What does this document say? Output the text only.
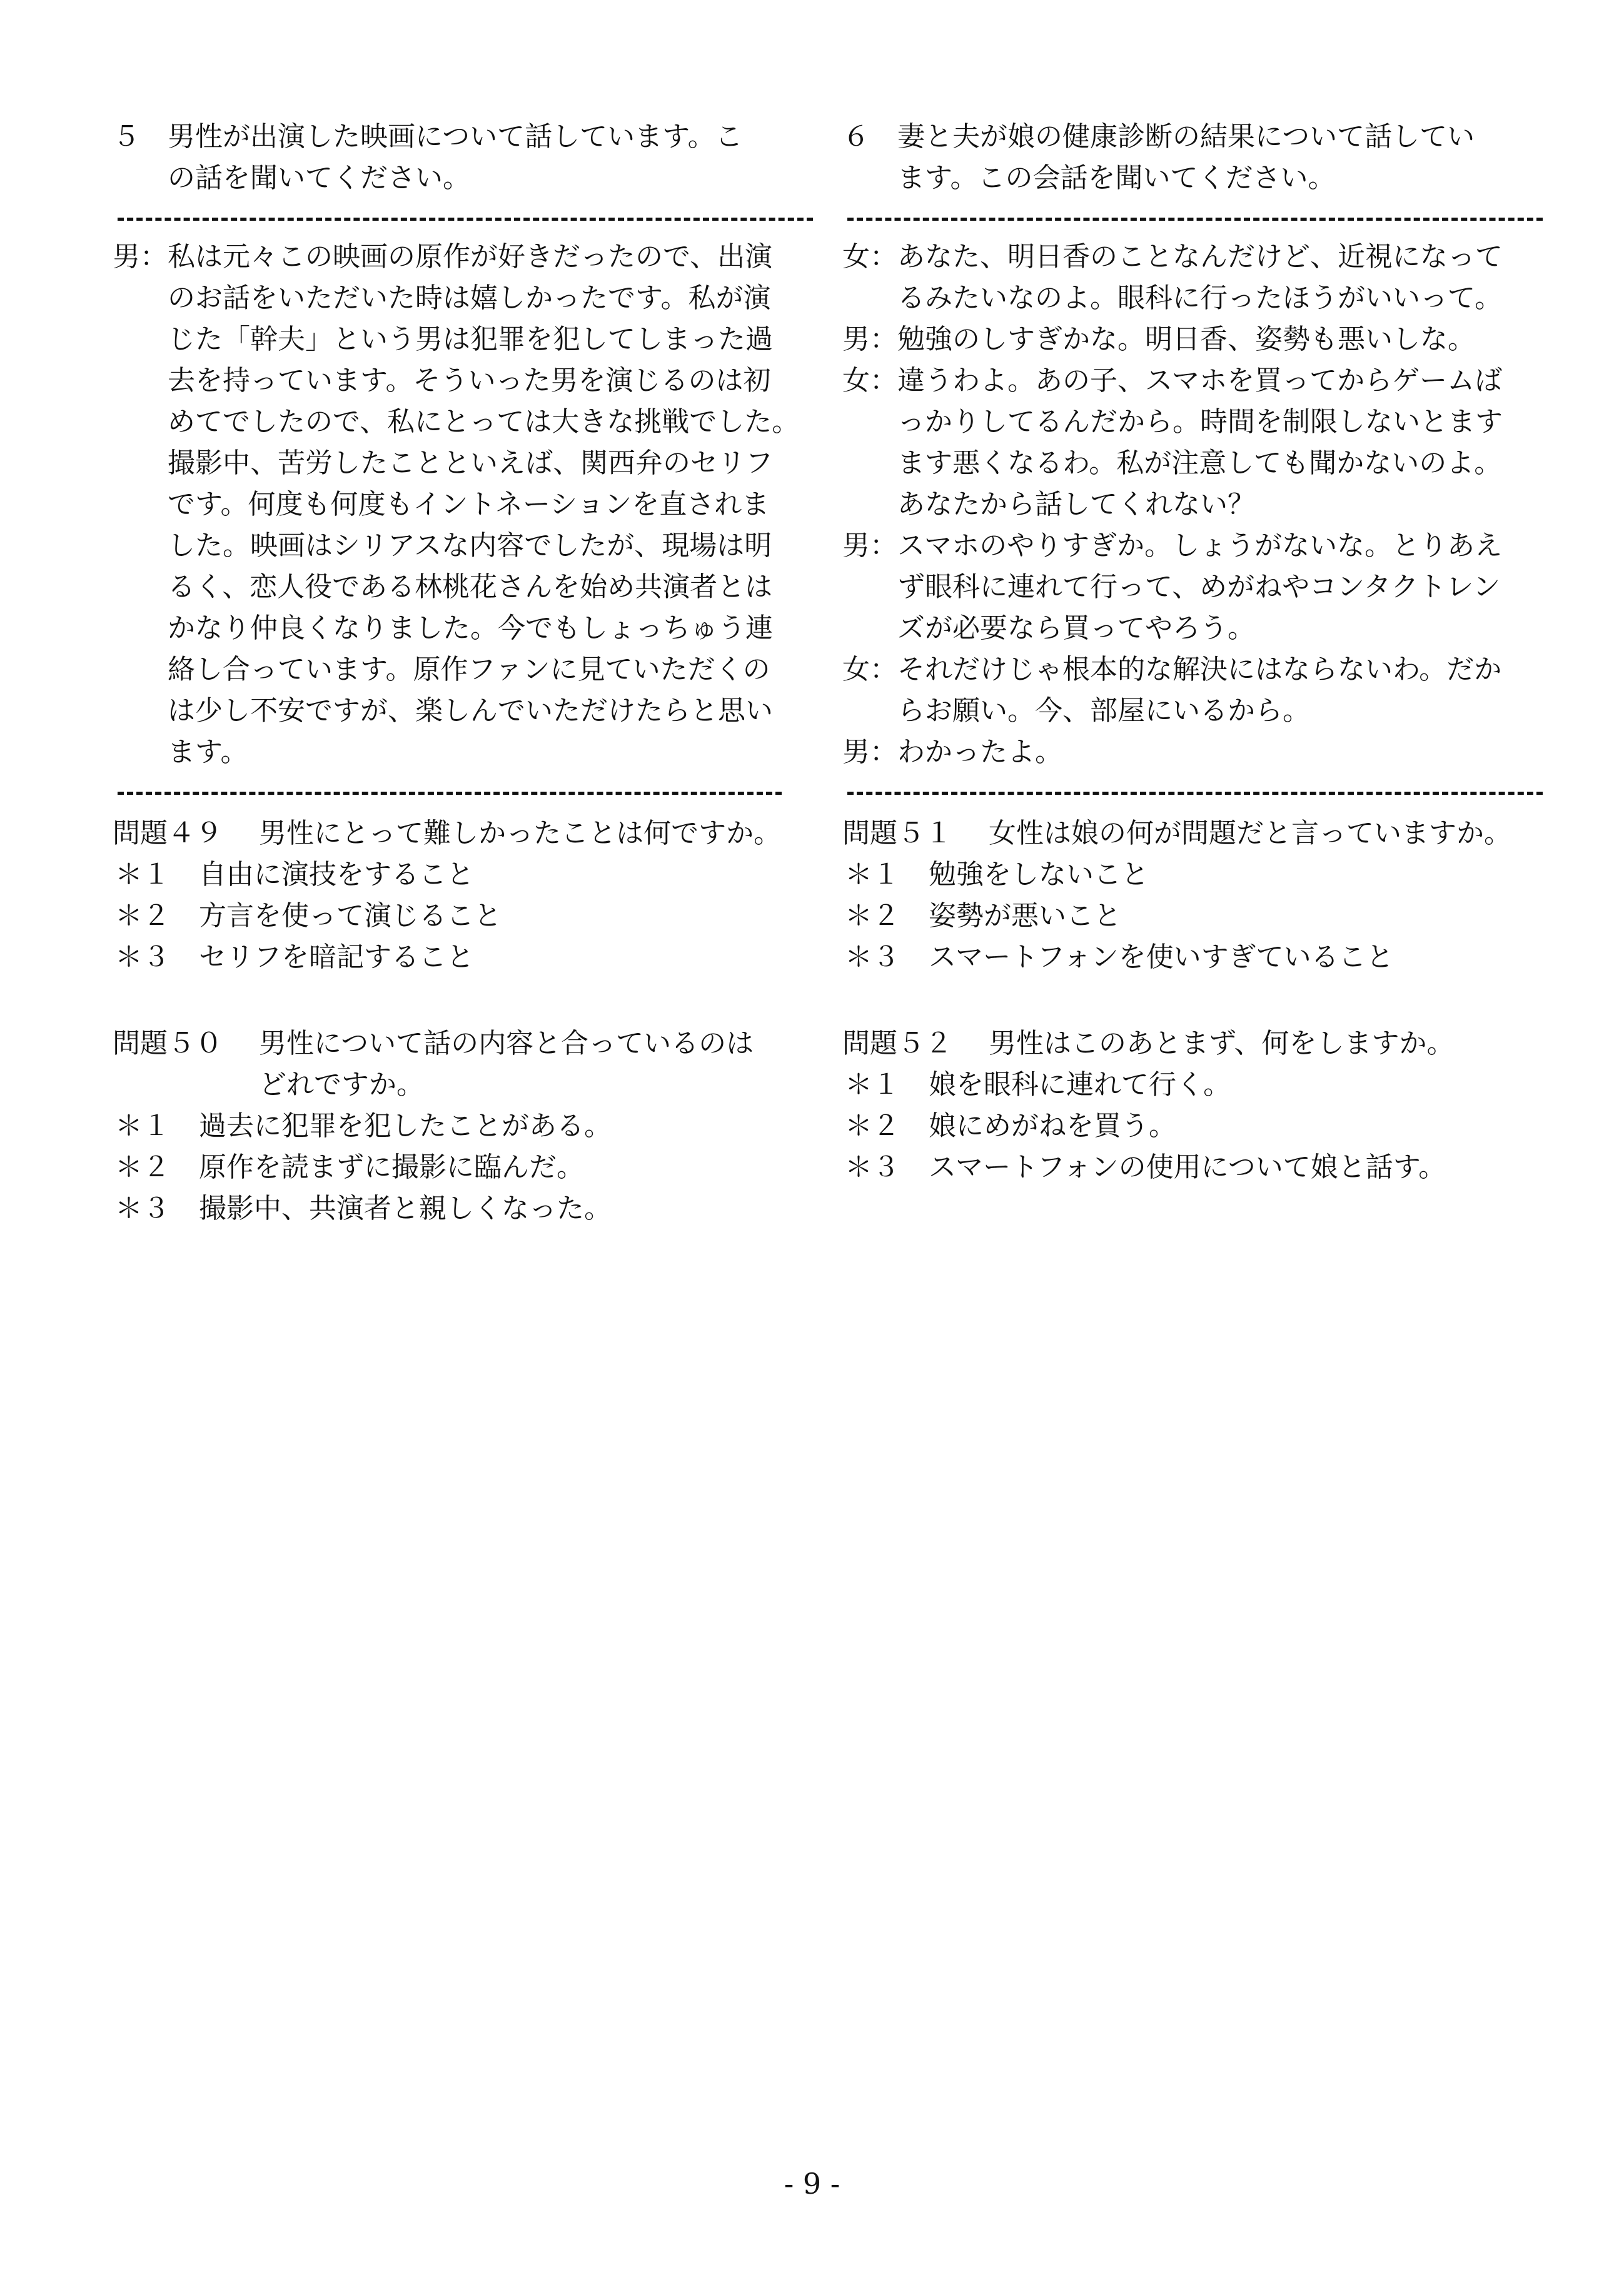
５	男性が出演した映画について話しています。こ
の話を聞いてください。
男： 私は元々この映画の原作が好きだったので、出演
のお話をいただいた時は嬉しかったです。私が演
じた「幹夫」という男は犯罪を犯してしまった過
去を持っています。そういった男を演じるのは初
めてでしたので、私にとっては大きな挑戦でした。
撮影中、苦労したことといえば、関西弁のセリフ
です。何度も何度もイントネーションを直されま
した。映画はシリアスな内容でしたが、現場は明
るく、恋人役である林桃花さんを始め共演者とは
かなり仲良くなりました。今でもしょっちゅう連
絡し合っています。原作ファンに見ていただくの
は少し不安ですが、楽しんでいただけたらと思い
ます。
問題４９	男性にとって難しかったことは何ですか。
＊１	自由に演技をすること
＊２	方言を使って演じること
＊３	セリフを暗記すること
問題５０	男性について話の内容と合っているのは
どれですか。
＊１	過去に犯罪を犯したことがある。
＊２	原作を読まずに撮影に臨んだ。
＊３	撮影中、共演者と親しくなった。
６	妻と夫が娘の健康診断の結果について話してい
ます。この会話を聞いてください。
女： あなた、明日香のことなんだけど、近視になって
るみたいなのよ。眼科に行ったほうがいいって。
男： 勉強のしすぎかな。明日香、姿勢も悪いしな。
女： 違うわよ。あの子、スマホを買ってからゲームば
っかりしてるんだから。時間を制限しないとます
ます悪くなるわ。私が注意しても聞かないのよ。
あなたから話してくれない？
男： スマホのやりすぎか。しょうがないな。とりあえ
ず眼科に連れて行って、めがねやコンタクトレン
ズが必要なら買ってやろう。
女： それだけじゃ根本的な解決にはならないわ。だか
らお願い。今、部屋にいるから。
男： わかったよ。
問題５１	女性は娘の何が問題だと言っていますか。
＊１	勉強をしないこと
＊２	姿勢が悪いこと
＊３	スマートフォンを使いすぎていること
問題５２	男性はこのあとまず、何をしますか。
＊１	娘を眼科に連れて行く。
＊２	娘にめがねを買う。
＊３	スマートフォンの使用について娘と話す。
- 9 -
